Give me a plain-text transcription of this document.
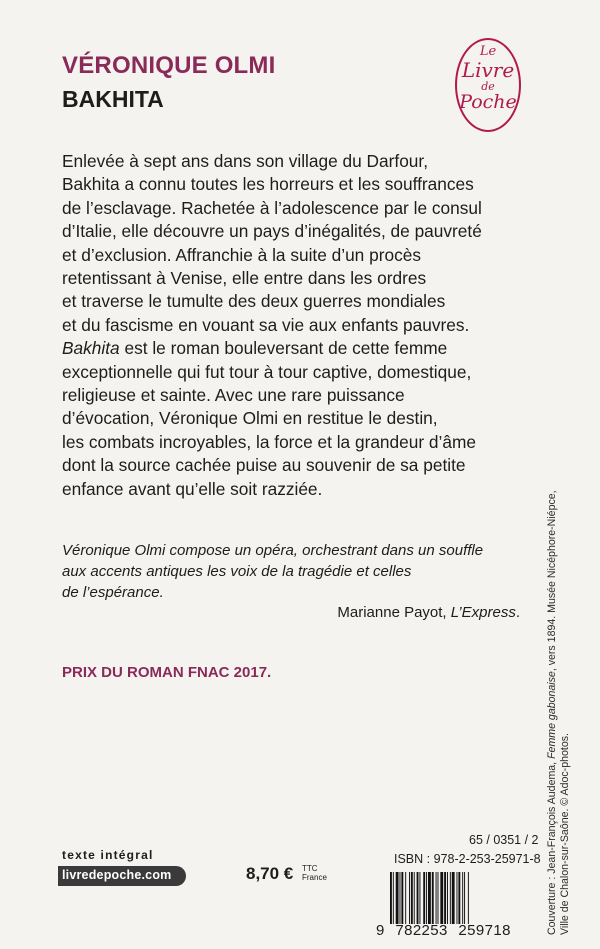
VÉRONIQUE OLMI
BAKHITA
Le
Livre
de
Poche
Enlevée à sept ans dans son village du Darfour,
Bakhita a connu toutes les horreurs et les souffrances
de l’esclavage. Rachetée à l’adolescence par le consul
d’Italie, elle découvre un pays d’inégalités, de pauvreté
et d’exclusion. Affranchie à la suite d’un procès
retentissant à Venise, elle entre dans les ordres
et traverse le tumulte des deux guerres mondiales
et du fascisme en vouant sa vie aux enfants pauvres.
Bakhita est le roman bouleversant de cette femme
exceptionnelle qui fut tour à tour captive, domestique,
religieuse et sainte. Avec une rare puissance
d’évocation, Véronique Olmi en restitue le destin,
les combats incroyables, la force et la grandeur d’âme
dont la source cachée puise au souvenir de sa petite
enfance avant qu’elle soit razziée.
Véronique Olmi compose un opéra, orchestrant dans un souffle
aux accents antiques les voix de la tragédie et celles
de l’espérance.
Marianne Payot, L’Express.
PRIX DU ROMAN FNAC 2017.
Couverture : Jean-François Audema, Femme gabonaise, vers 1894. Musée Nicéphore-Niépce,
Ville de Chalon-sur-Saône. © Adoc-photos.
texte intégral
livredepoche.com	8,70 € TTC
France
65 / 0351 / 2
ISBN : 978-2-253-25971-8
9 782253 259718
